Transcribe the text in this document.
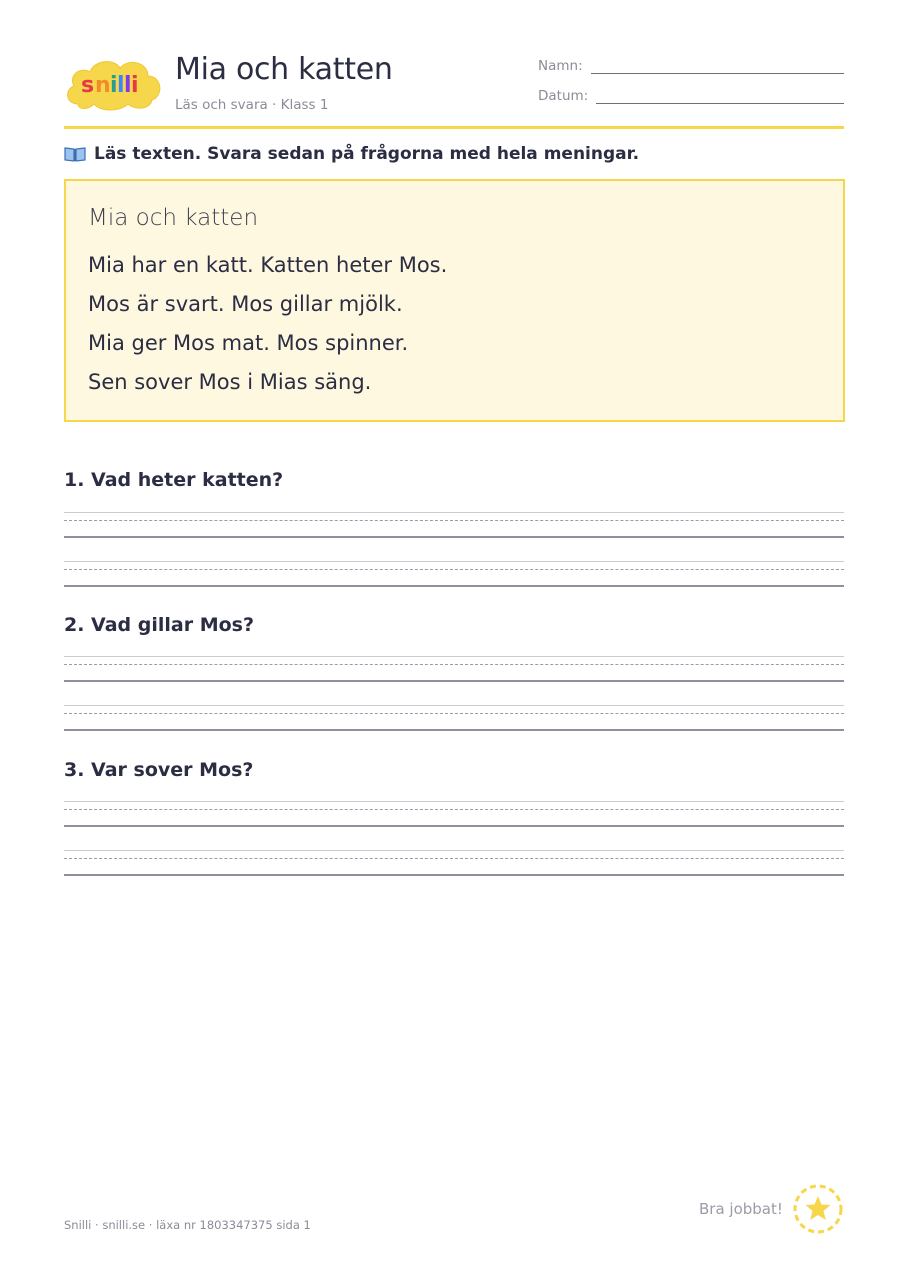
s n i l l i Mia och katten
Läs och svara · Klass 1
Namn:
Datum:
Läs texten. Svara sedan på frågorna med hela meningar.
Mia och katten
Mia har en katt. Katten heter Mos.
Mos är svart. Mos gillar mjölk.
Mia ger Mos mat. Mos spinner.
Sen sover Mos i Mias säng.
1. Vad heter katten?
2. Vad gillar Mos?
3. Var sover Mos?
Snilli · snilli.se · läxa nr 1803347375 sida 1
Bra jobbat!
